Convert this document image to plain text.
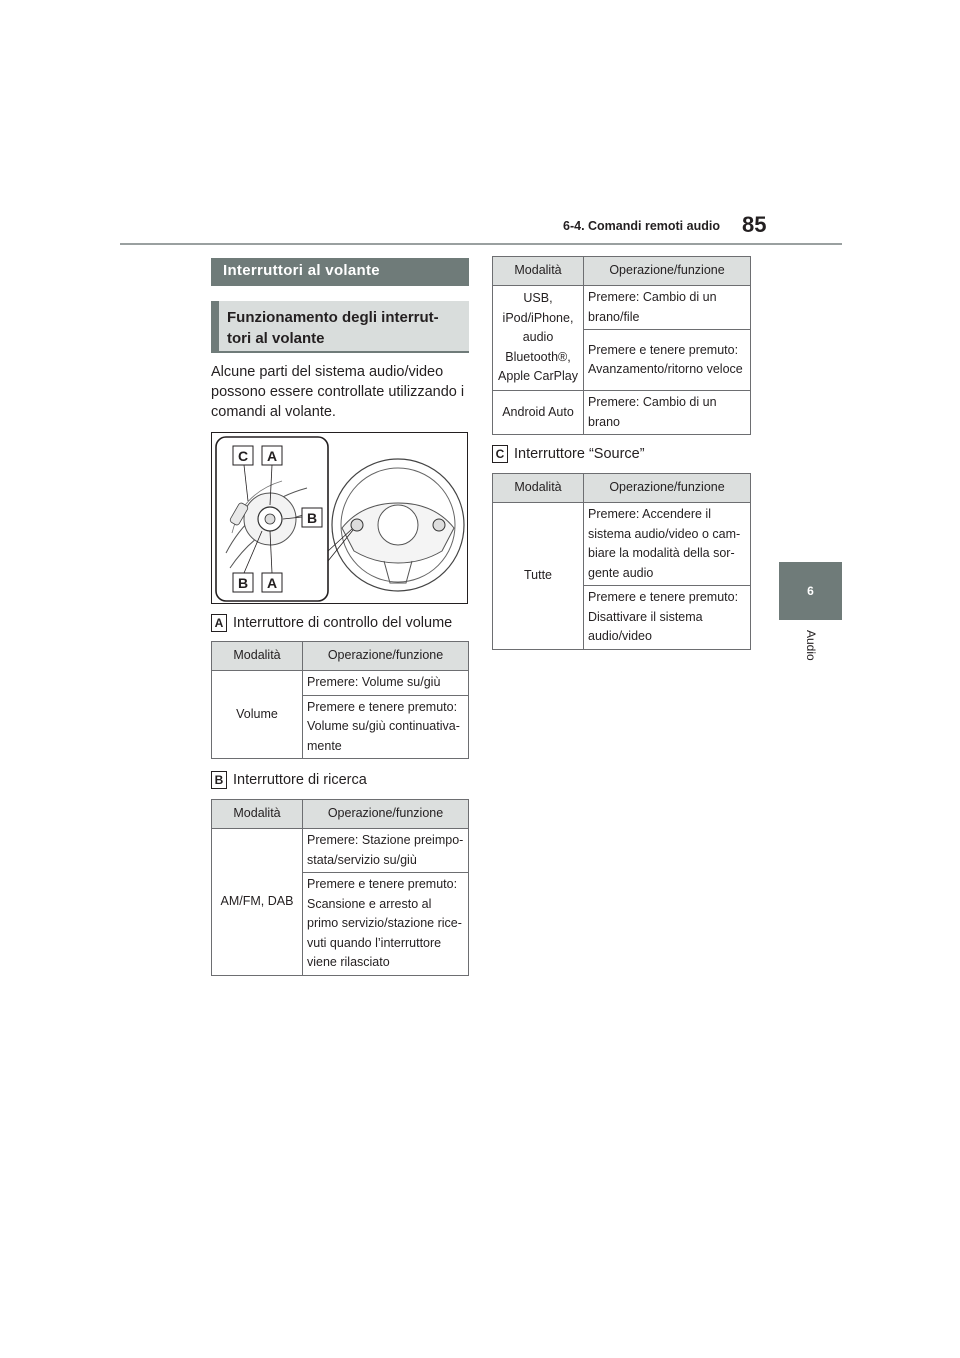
6-4. Comandi remoti audio 85
6
Audio
Interruttori al volante
Funzionamento degli interrut-tori al volante
Alcune parti del sistema audio/video possono essere controllate utilizzando i comandi al volante.
C A
B
B A
A Interruttore di controllo del volume
Modalità	Operazione/funzione
Volume	Premere: Volume su/giù
	Premere e tenere premuto: Volume su/giù continuativa-mente
B Interruttore di ricerca
Modalità	Operazione/funzione
AM/FM, DAB	Premere: Stazione preimpo-stata/servizio su/giù
	Premere e tenere premuto: Scansione e arresto al primo servizio/stazione rice-vuti quando l’interruttore viene rilasciato
Modalità	Operazione/funzione
USB, iPod/iPhone, audio Bluetooth®, Apple CarPlay	Premere: Cambio di un brano/file
	Premere e tenere premuto: Avanzamento/ritorno veloce
Android Auto	Premere: Cambio di un brano
C Interruttore “Source”
Modalità	Operazione/funzione
Tutte	Premere: Accendere il sistema audio/video o cam-biare la modalità della sor-gente audio
	Premere e tenere premuto: Disattivare il sistema audio/video
